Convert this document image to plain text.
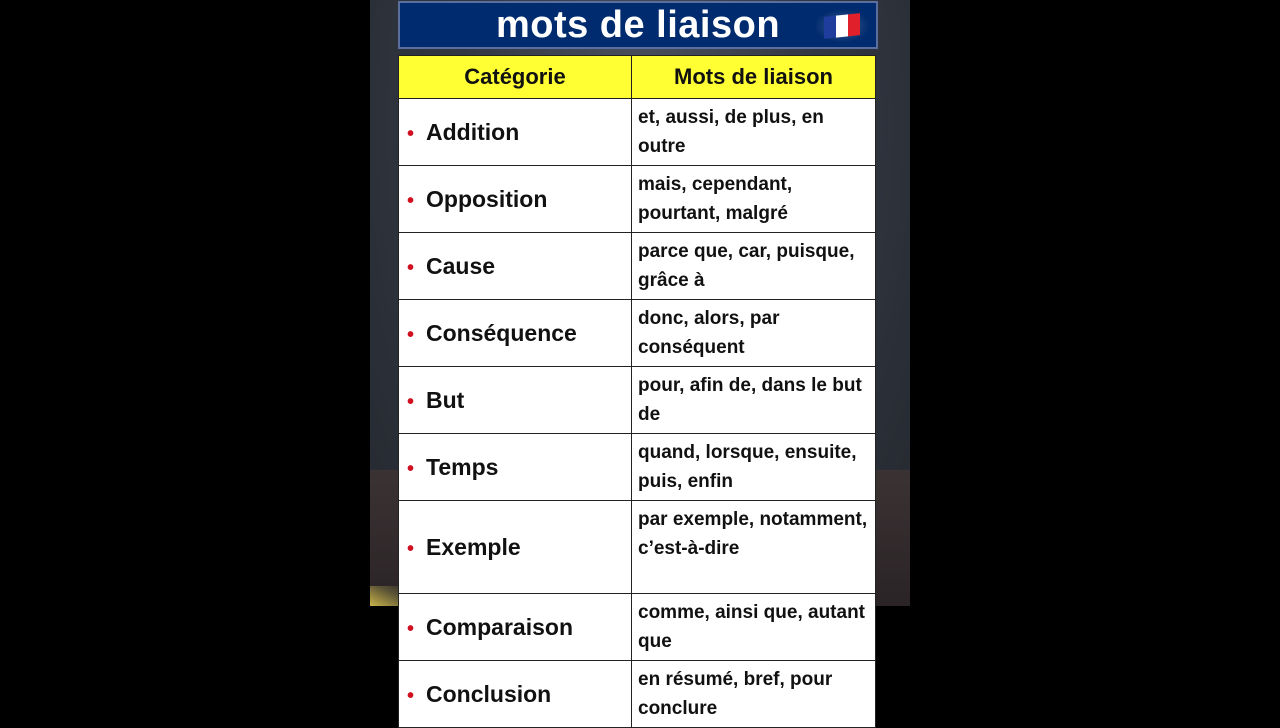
mots de liaison
Catégorie	Mots de liaison
• Addition	et, aussi, de plus, en outre
• Opposition	mais, cependant, pourtant, malgré
• Cause	parce que, car, puisque, grâce à
• Conséquence	donc, alors, par conséquent
• But	pour, afin de, dans le but de
• Temps	quand, lorsque, ensuite, puis, enfin
• Exemple	par exemple, notamment, c’est-à-dire
• Comparaison	comme, ainsi que, autant que
• Conclusion	en résumé, bref, pour conclure
